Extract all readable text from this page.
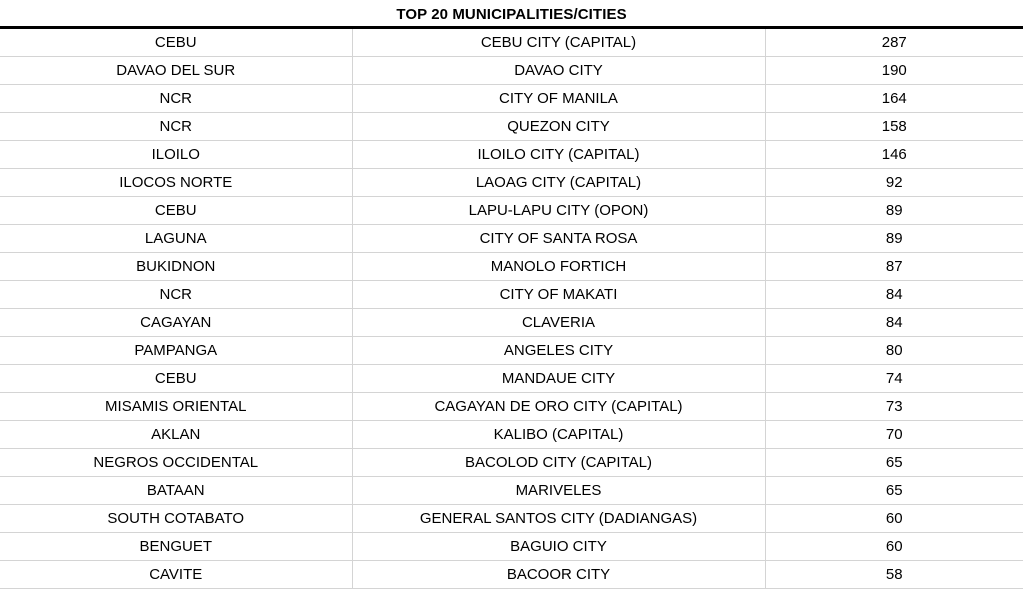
TOP 20 MUNICIPALITIES/CITIES
CEBU	CEBU CITY (CAPITAL)	287
DAVAO DEL SUR	DAVAO CITY	190
NCR	CITY OF MANILA	164
NCR	QUEZON CITY	158
ILOILO	ILOILO CITY (CAPITAL)	146
ILOCOS NORTE	LAOAG CITY (CAPITAL)	92
CEBU	LAPU-LAPU CITY (OPON)	89
LAGUNA	CITY OF SANTA ROSA	89
BUKIDNON	MANOLO FORTICH	87
NCR	CITY OF MAKATI	84
CAGAYAN	CLAVERIA	84
PAMPANGA	ANGELES CITY	80
CEBU	MANDAUE CITY	74
MISAMIS ORIENTAL	CAGAYAN DE ORO CITY (CAPITAL)	73
AKLAN	KALIBO (CAPITAL)	70
NEGROS OCCIDENTAL	BACOLOD CITY (CAPITAL)	65
BATAAN	MARIVELES	65
SOUTH COTABATO	GENERAL SANTOS CITY (DADIANGAS)	60
BENGUET	BAGUIO CITY	60
CAVITE	BACOOR CITY	58
